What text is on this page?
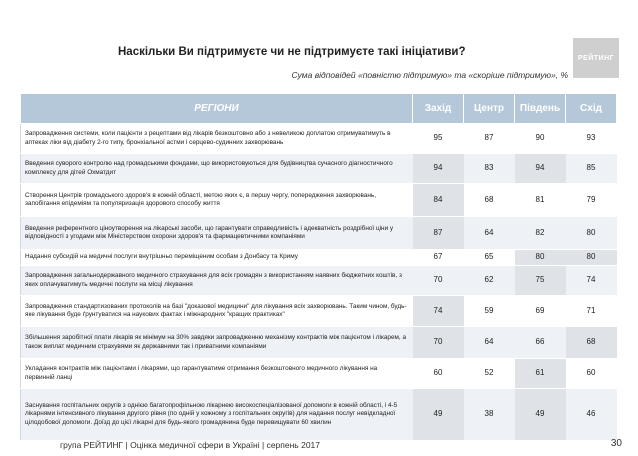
Наскільки Ви підтримуєте чи не підтримуєте такі ініціативи?
Сума відповідей «повністю підтримую» та «скоріше підтримую», %
РЕЙТИНГ
РЕГІОНИ	Захід	Центр	Південь	Схід
Запровадження системи, коли пацієнти з рецептами від лікарів безкоштовно або з невеликою доплатою отримуватимуть в аптеках ліки від діабету 2-го типу, бронхіальної астми і серцево-судинних захворювань	95	87	90	93
Введення суворого контролю над громадськими фондами, що використовуються для будівництва сучасного діагностичного комплексу для дітей Охматдит	94	83	94	85
Створення Центрів громадського здоров'я в кожній області, метою яких є, в першу чергу, попередження захворювань, запобігання епідеміям та популяризація здорового способу життя	84	68	81	79
Введення референтного ціноутворення на лікарські засоби, що гарантувати справедливість і адекватність роздрібної ціни у відповідності з угодами між Міністерством охорони здоров'я та фармацевтичними компаніями	87	64	82	80
Надання субсидій на медичні послуги внутрішньо переміщеним особам з Донбасу та Криму	67	65	80	80
Запровадження загальнодержавного медичного страхування для всіх громадян з використанням наявних бюджетних коштів, з яких оплачуватимуть медичні послуги на місці лікування	70	62	75	74
Запровадження стандартизованих протоколів на базі "доказової медицини" для лікування всіх захворювань. Таким чином, будь-яке лікування буде ґрунтуватися на наукових фактах і міжнародних "кращих практиках"	74	59	69	71
Збільшення заробітної плати лікарів як мінімум на 30% завдяки запровадженню механізму контрактів між пацієнтом і лікарем, а також виплат медичним страхувями як державними так і приватними компаніями	70	64	66	68
Укладання контрактів між пацієнтами і лікарями, що гарантуватиме отримання безкоштовного медичного лікування на первинній ланці	60	52	61	60
Заснування госпітальних округів з однією багатопрофільною лікарнею високоспеціалізованої допомоги в кожній області, і 4-5 лікарнями інтенсивного лікування другого рівня (по одній у кожному з госпітальних округів) для надання послуг невідкладної цілодобової допомоги. Доїзд до цієї лікарні для будь-якого громадянина буде перевищувати 60 хвилин	49	38	49	46
група РЕЙТИНГ | Оцінка медичної сфери в Україні | серпень 2017	30
